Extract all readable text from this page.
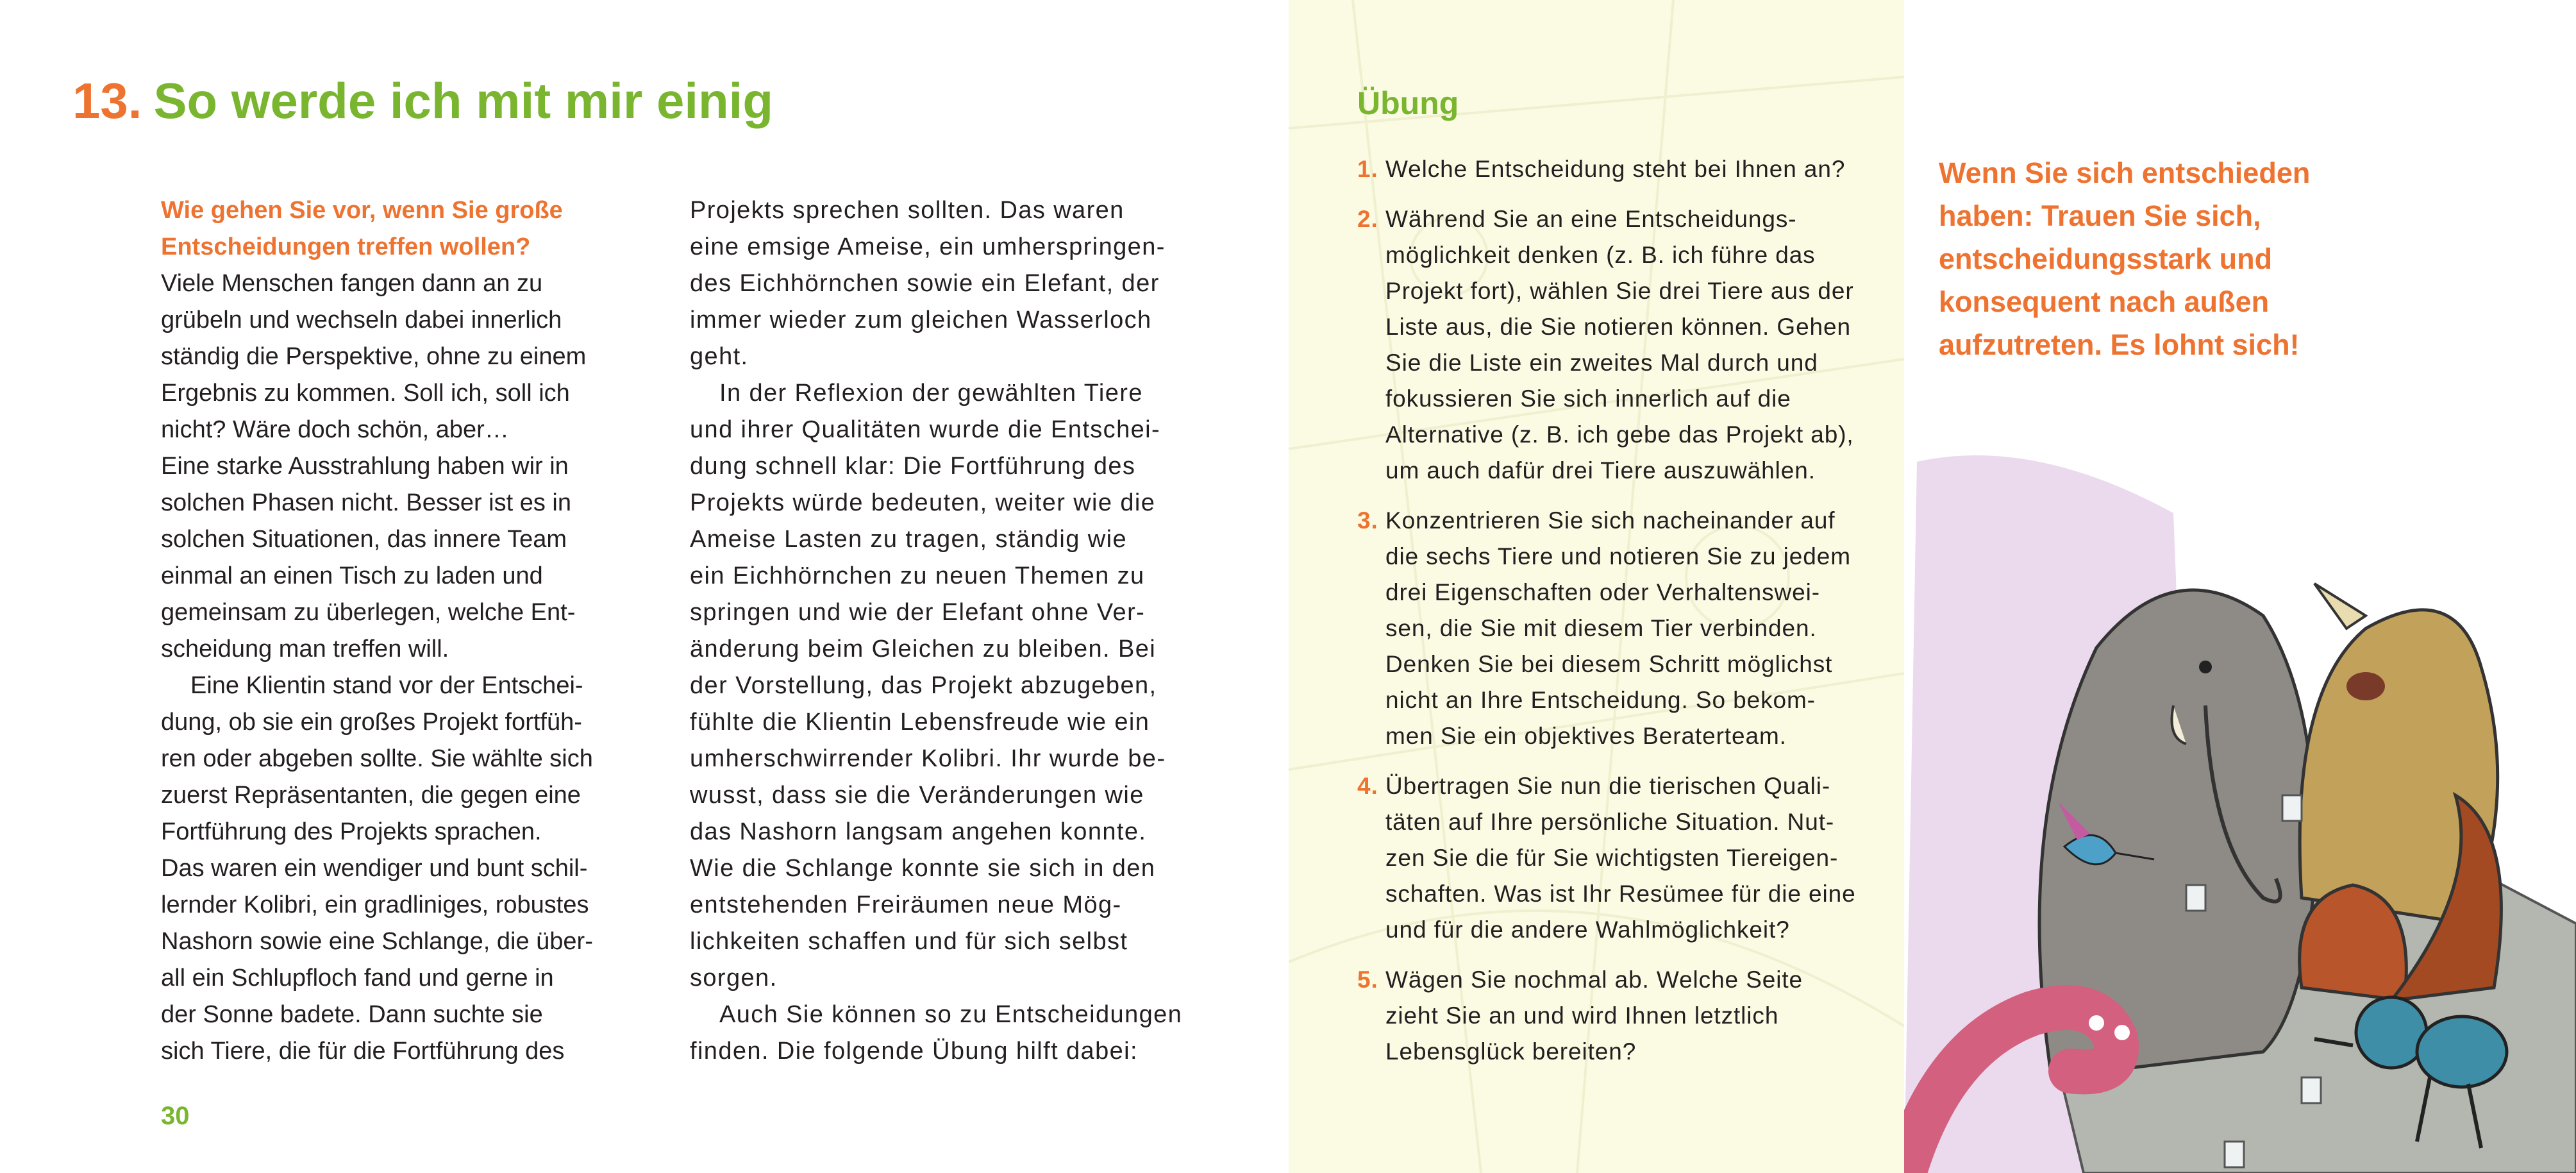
13. So werde ich mit mir einig
Wie gehen Sie vor, wenn Sie große
Entscheidungen treffen wollen?
Viele Menschen fangen dann an zu
grübeln und wechseln dabei innerlich
ständig die Perspektive, ohne zu einem
Ergebnis zu kommen. Soll ich, soll ich
nicht? Wäre doch schön, aber…
Eine starke Ausstrahlung haben wir in
solchen Phasen nicht. Besser ist es in
solchen Situationen, das innere Team
einmal an einen Tisch zu laden und
gemeinsam zu überlegen, welche Ent-
scheidung man treffen will.
Eine Klientin stand vor der Entschei-
dung, ob sie ein großes Projekt fortfüh-
ren oder abgeben sollte. Sie wählte sich
zuerst Repräsentanten, die gegen eine
Fortführung des Projekts sprachen.
Das waren ein wendiger und bunt schil-
lernder Kolibri, ein gradliniges, robustes
Nashorn sowie eine Schlange, die über-
all ein Schlupfloch fand und gerne in
der Sonne badete. Dann suchte sie
sich Tiere, die für die Fortführung des
Projekts sprechen sollten. Das waren
eine emsige Ameise, ein umherspringen-
des Eichhörnchen sowie ein Elefant, der
immer wieder zum gleichen Wasserloch
geht.
In der Reflexion der gewählten Tiere
und ihrer Qualitäten wurde die Entschei-
dung schnell klar: Die Fortführung des
Projekts würde bedeuten, weiter wie die
Ameise Lasten zu tragen, ständig wie
ein Eichhörnchen zu neuen Themen zu
springen und wie der Elefant ohne Ver-
änderung beim Gleichen zu bleiben. Bei
der Vorstellung, das Projekt abzugeben,
fühlte die Klientin Lebensfreude wie ein
umherschwirrender Kolibri. Ihr wurde be-
wusst, dass sie die Veränderungen wie
das Nashorn langsam angehen konnte.
Wie die Schlange konnte sie sich in den
entstehenden Freiräumen neue Mög-
lichkeiten schaffen und für sich selbst
sorgen.
Auch Sie können so zu Entscheidungen
finden. Die folgende Übung hilft dabei:
30
Übung
1. Welche Entscheidung steht bei Ihnen an?
2. Während Sie an eine Entscheidungs-
möglichkeit denken (z. B. ich führe das
Projekt fort), wählen Sie drei Tiere aus der
Liste aus, die Sie notieren können. Gehen
Sie die Liste ein zweites Mal durch und
fokussieren Sie sich innerlich auf die
Alternative (z. B. ich gebe das Projekt ab),
um auch dafür drei Tiere auszuwählen.
3. Konzentrieren Sie sich nacheinander auf
die sechs Tiere und notieren Sie zu jedem
drei Eigenschaften oder Verhaltenswei-
sen, die Sie mit diesem Tier verbinden.
Denken Sie bei diesem Schritt möglichst
nicht an Ihre Entscheidung. So bekom-
men Sie ein objektives Beraterteam.
4. Übertragen Sie nun die tierischen Quali-
täten auf Ihre persönliche Situation. Nut-
zen Sie die für Sie wichtigsten Tiereigen-
schaften. Was ist Ihr Resümee für die eine
und für die andere Wahlmöglichkeit?
5. Wägen Sie nochmal ab. Welche Seite
zieht Sie an und wird Ihnen letztlich
Lebensglück bereiten?
Wenn Sie sich entschieden
haben: Trauen Sie sich,
entscheidungsstark und
konsequent nach außen
aufzutreten. Es lohnt sich!
